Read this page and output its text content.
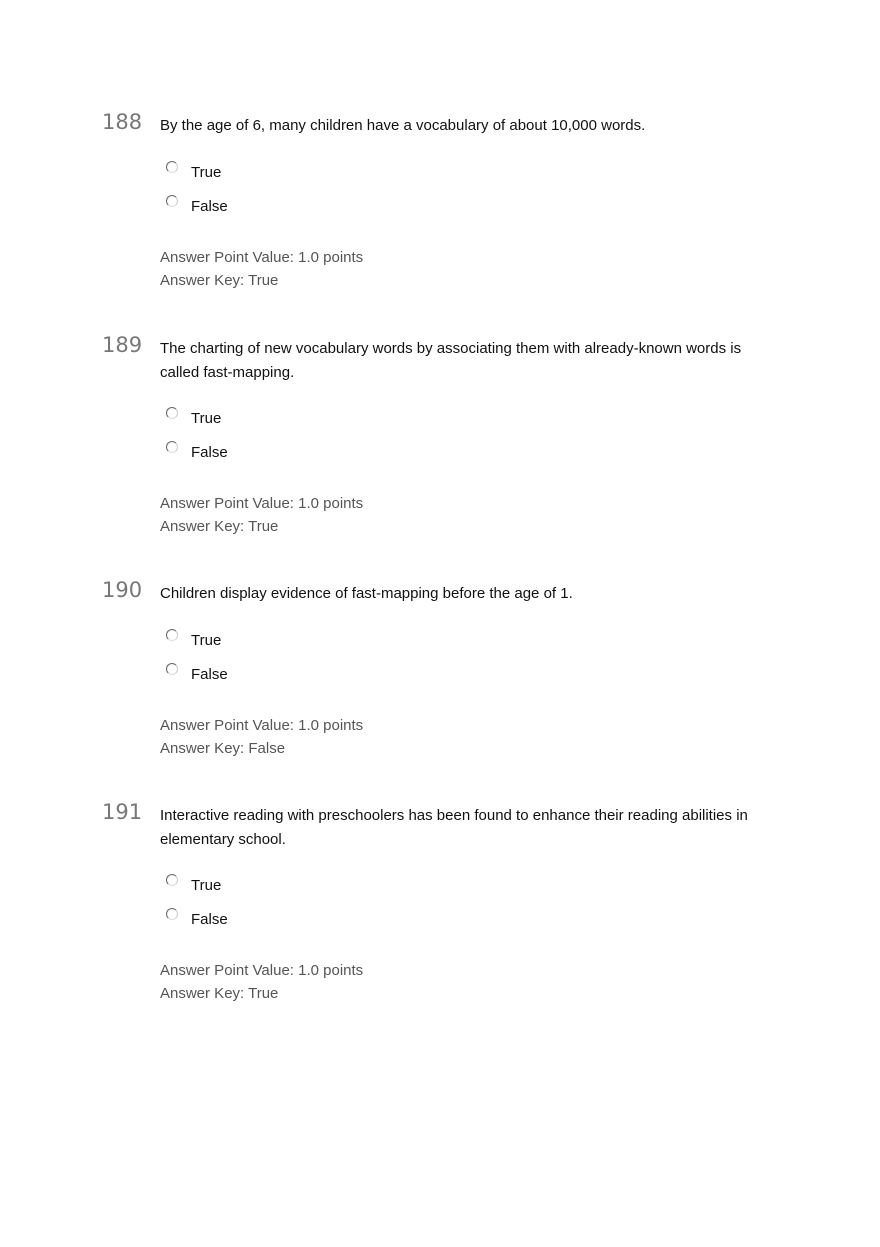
188 By the age of 6, many children have a vocabulary of about 10,000 words.
True
False
Answer Point Value: 1.0 points
Answer Key: True
189 The charting of new vocabulary words by associating them with already-known words is called fast-mapping.
True
False
Answer Point Value: 1.0 points
Answer Key: True
190 Children display evidence of fast-mapping before the age of 1.
True
False
Answer Point Value: 1.0 points
Answer Key: False
191 Interactive reading with preschoolers has been found to enhance their reading abilities in elementary school.
True
False
Answer Point Value: 1.0 points
Answer Key: True
